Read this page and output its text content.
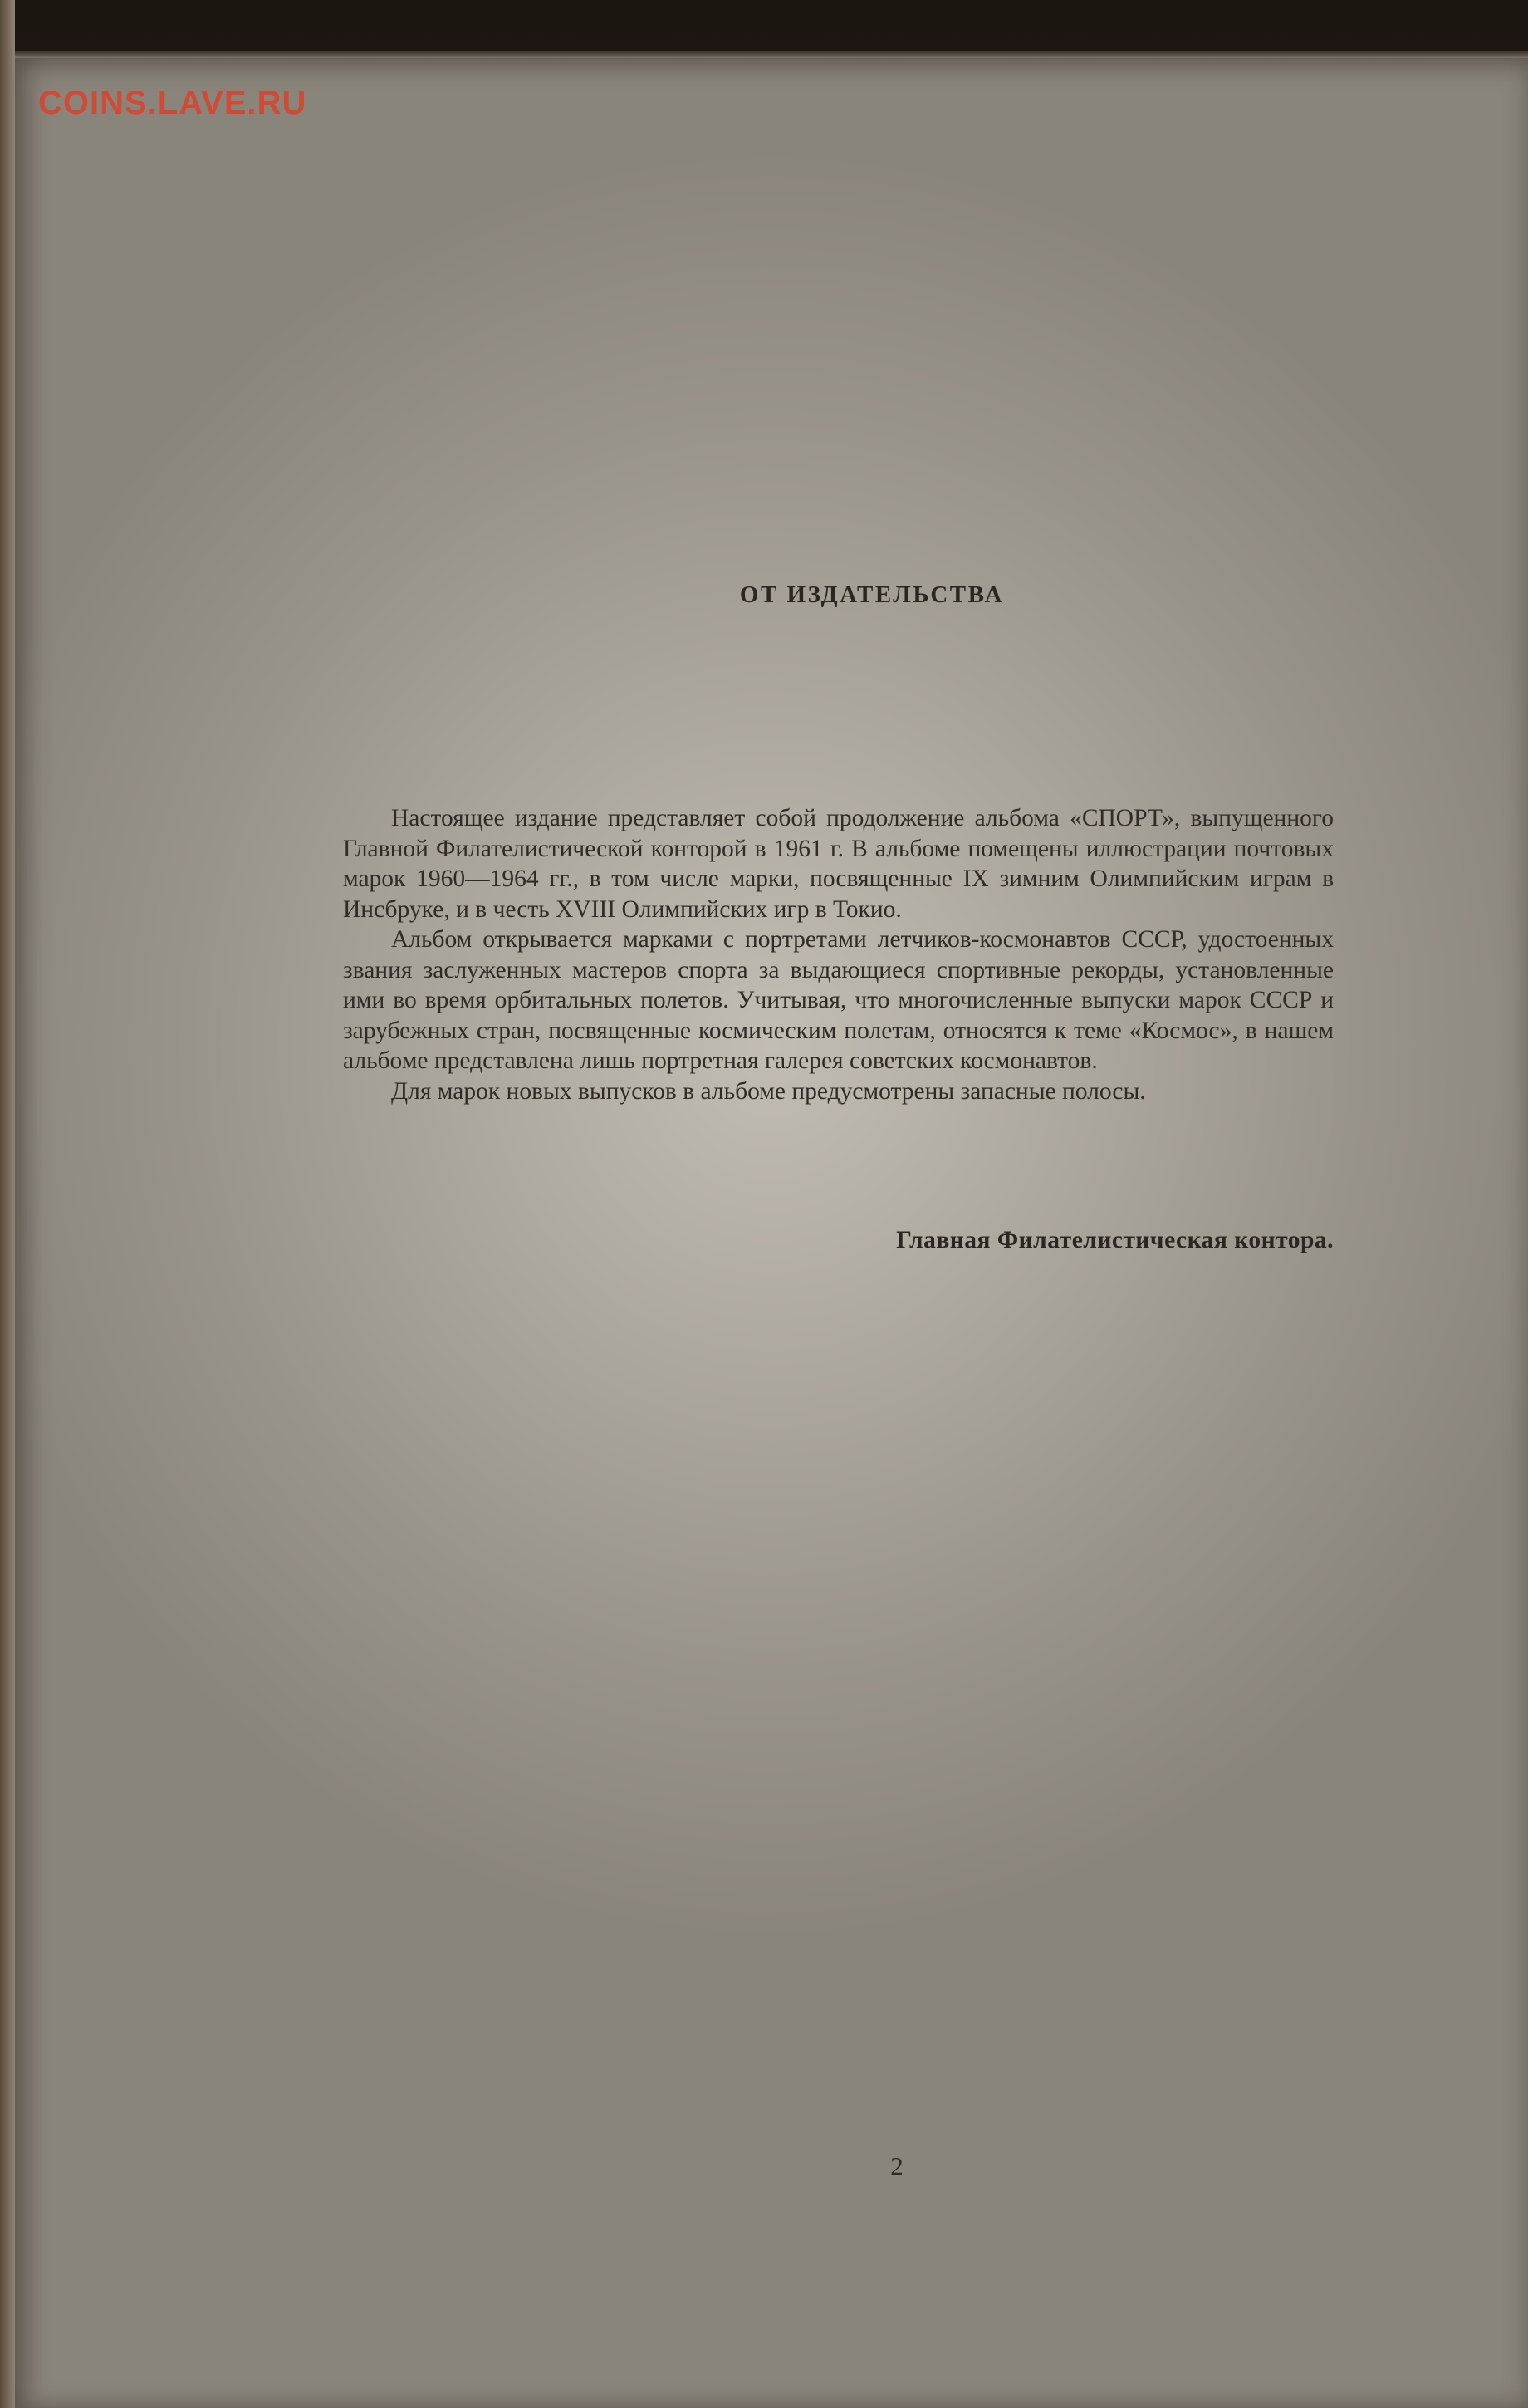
COINS.LAVE.RU
ОТ ИЗДАТЕЛЬСТВА

Настоящее издание представляет собой продолжение альбома «СПОРТ», выпущенного Главной Филателистической конторой в 1961 г. В альбоме помещены иллюстрации почтовых марок 1960—1964 гг., в том числе марки, посвященные IX зимним Олимпийским играм в Инсбруке, и в честь XVIII Олимпийских игр в Токио.

Альбом открывается марками с портретами летчиков-космонавтов СССР, удостоенных звания заслуженных мастеров спорта за выдающиеся спортивные рекорды, установленные ими во время орбитальных полетов. Учитывая, что многочисленные выпуски марок СССР и зарубежных стран, посвященные космическим полетам, относятся к теме «Космос», в нашем альбоме представлена лишь портретная галерея советских космонавтов.

Для марок новых выпусков в альбоме предусмотрены запасные полосы.

Главная Филателистическая контора.
2
